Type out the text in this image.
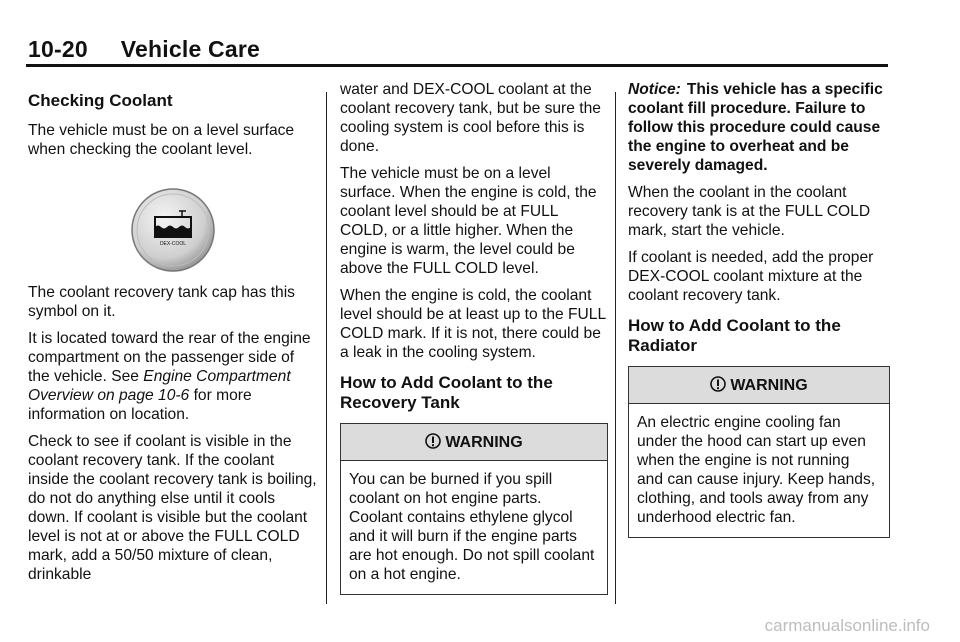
10-20     Vehicle Care
Checking Coolant

The vehicle must be on a level surface when checking the coolant level.

DEX-COOL

The coolant recovery tank cap has this symbol on it.

It is located toward the rear of the engine compartment on the passenger side of the vehicle. See Engine Compartment Overview on page 10-6 for more information on location.

Check to see if coolant is visible in the coolant recovery tank. If the coolant inside the coolant recovery tank is boiling, do not do anything else until it cools down. If coolant is visible but the coolant level is not at or above the FULL COLD mark, add a 50/50 mixture of clean, drinkable

water and DEX-COOL coolant at the coolant recovery tank, but be sure the cooling system is cool before this is done.

The vehicle must be on a level surface. When the engine is cold, the coolant level should be at FULL COLD, or a little higher. When the engine is warm, the level could be above the FULL COLD level.

When the engine is cold, the coolant level should be at least up to the FULL COLD mark. If it is not, there could be a leak in the cooling system.

How to Add Coolant to the Recovery Tank
WARNING
You can be burned if you spill coolant on hot engine parts. Coolant contains ethylene glycol and it will burn if the engine parts are hot enough. Do not spill coolant on a hot engine.

Notice: This vehicle has a specific coolant fill procedure. Failure to follow this procedure could cause the engine to overheat and be severely damaged.

When the coolant in the coolant recovery tank is at the FULL COLD mark, start the vehicle.

If coolant is needed, add the proper DEX-COOL coolant mixture at the coolant recovery tank.

How to Add Coolant to the Radiator
WARNING
An electric engine cooling fan under the hood can start up even when the engine is not running and can cause injury. Keep hands, clothing, and tools away from any underhood electric fan.
carmanualsonline.info
